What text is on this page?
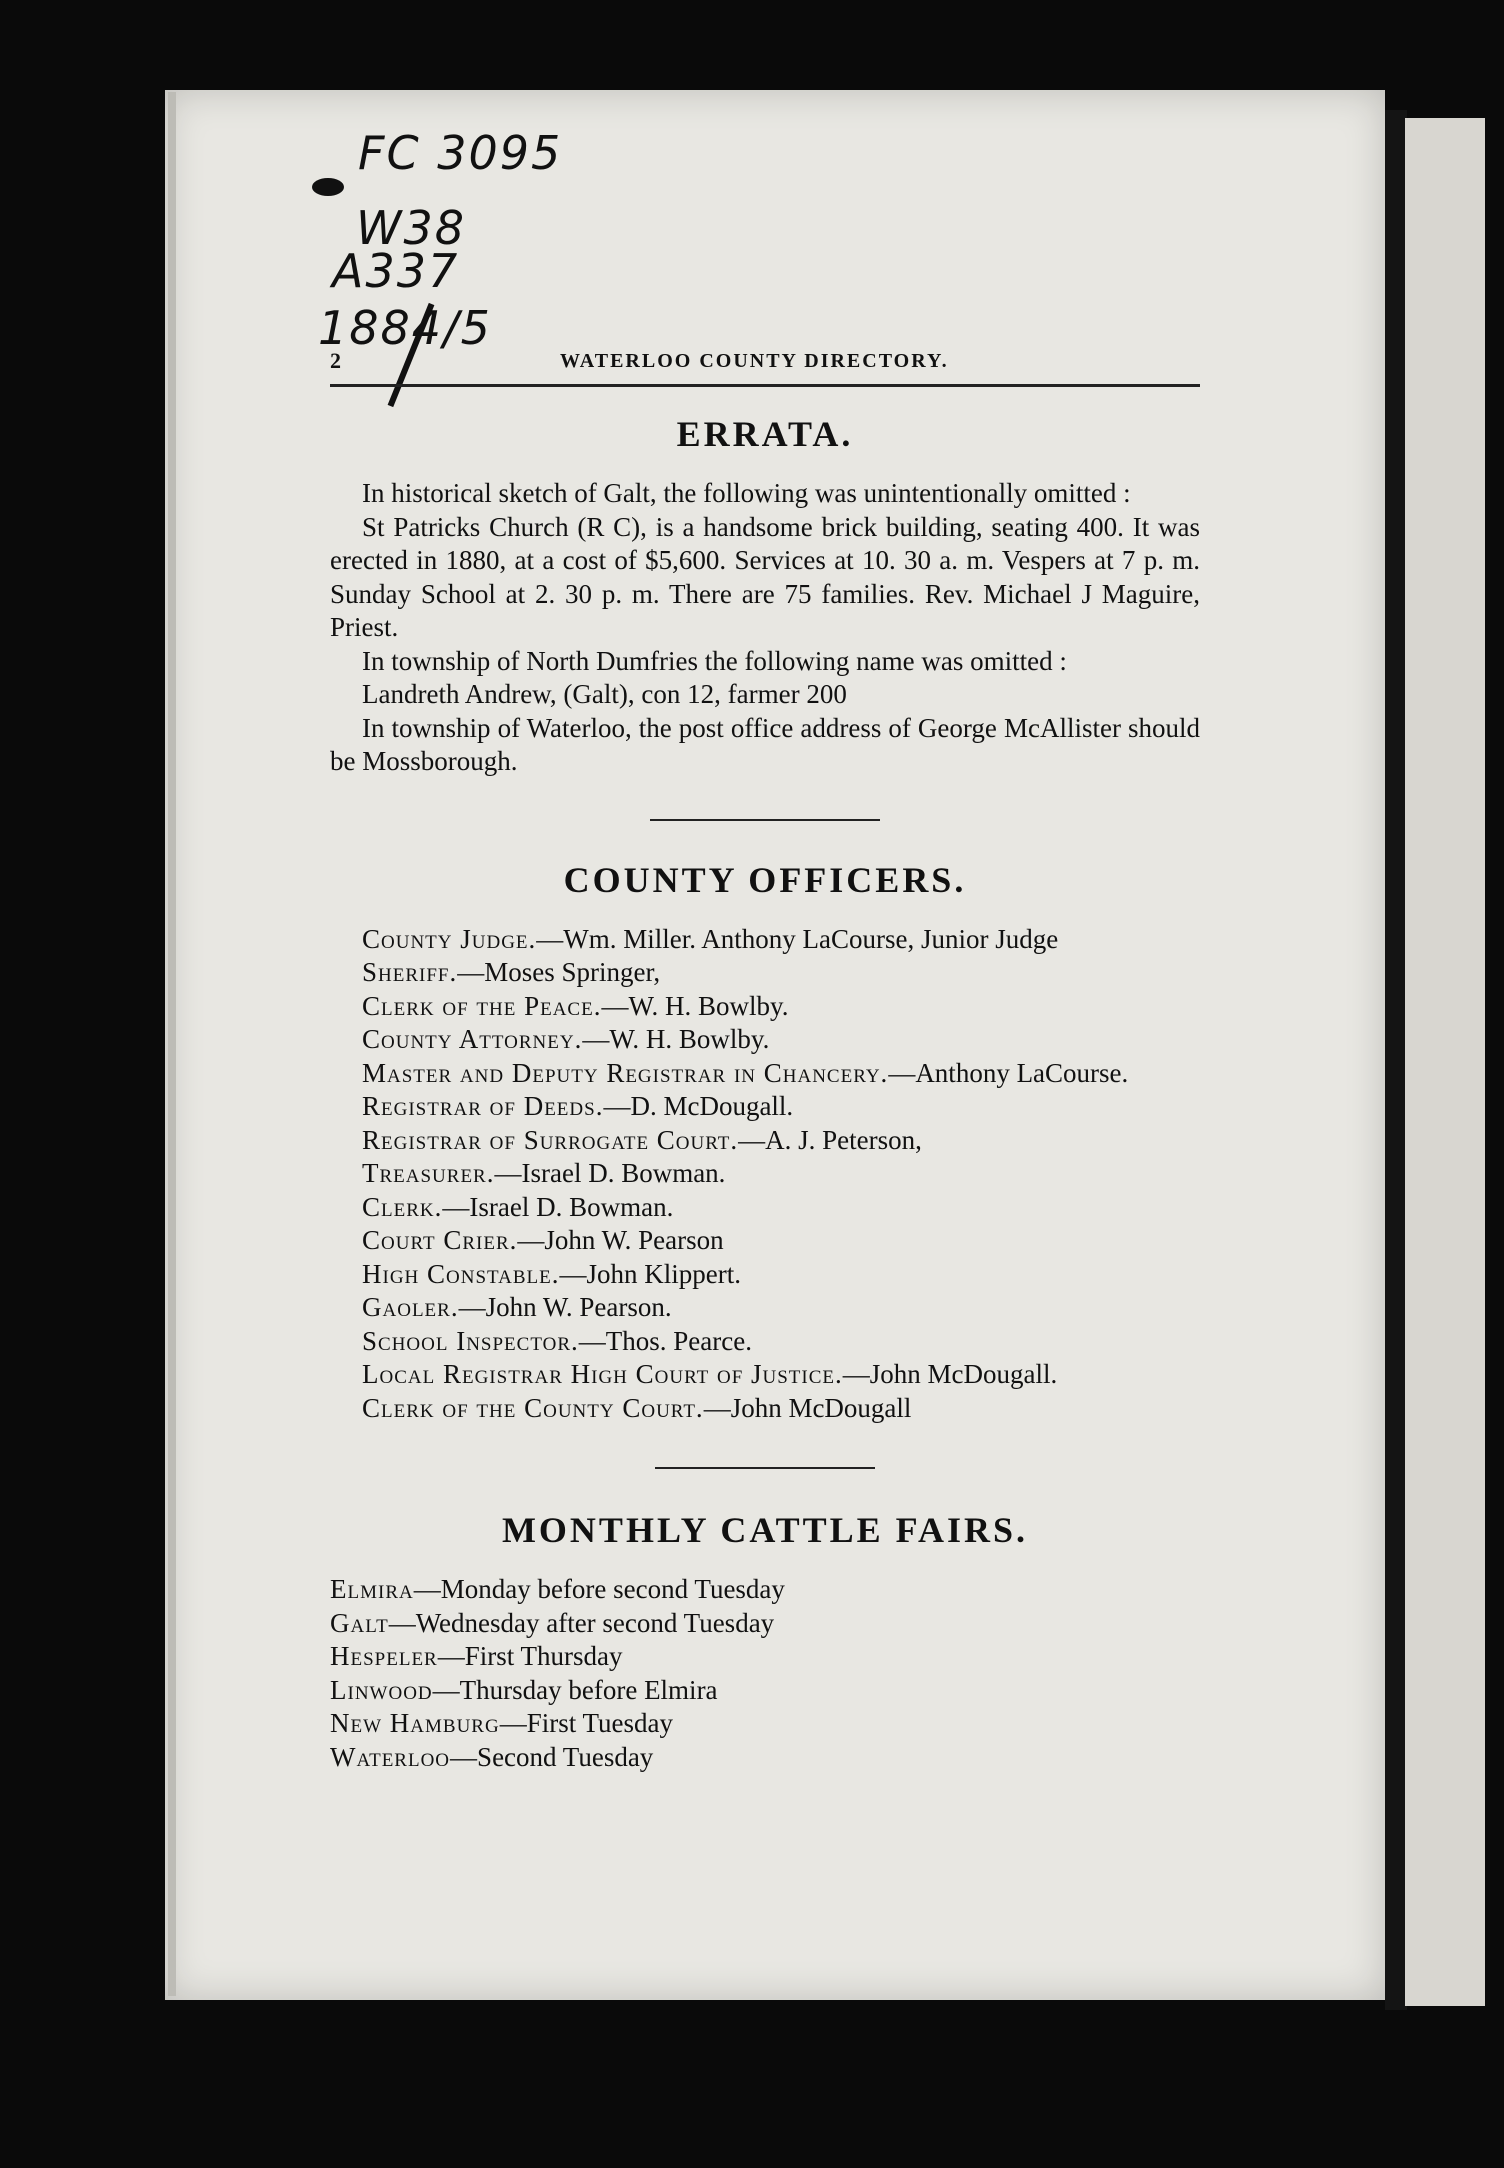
FC 3095
W38
A337
1884/5
2	WATERLOO COUNTY DIRECTORY.
ERRATA.

In historical sketch of Galt, the following was unintentionally omitted :

St Patricks Church (R C), is a handsome brick building, seating 400. It was erected in 1880, at a cost of $5,600. Services at 10. 30 a. m. Vespers at 7 p. m. Sunday School at 2. 30 p. m. There are 75 families. Rev. Michael J Maguire, Priest.

In township of North Dumfries the following name was omitted :

Landreth Andrew, (Galt), con 12, farmer 200

In township of Waterloo, the post office address of George McAllister should be Mossborough.

COUNTY OFFICERS.

County Judge.—Wm. Miller. Anthony LaCourse, Junior Judge

Sheriff.—Moses Springer,

Clerk of the Peace.—W. H. Bowlby.

County Attorney.—W. H. Bowlby.

Master and Deputy Registrar in Chancery.—Anthony LaCourse.

Registrar of Deeds.—D. McDougall.

Registrar of Surrogate Court.—A. J. Peterson,

Treasurer.—Israel D. Bowman.

Clerk.—Israel D. Bowman.

Court Crier.—John W. Pearson

High Constable.—John Klippert.

Gaoler.—John W. Pearson.

School Inspector.—Thos. Pearce.

Local Registrar High Court of Justice.—John McDougall.

Clerk of the County Court.—John McDougall

MONTHLY CATTLE FAIRS.

Elmira—Monday before second Tuesday

Galt—Wednesday after second Tuesday

Hespeler—First Thursday

Linwood—Thursday before Elmira

New Hamburg—First Tuesday

Waterloo—Second Tuesday
